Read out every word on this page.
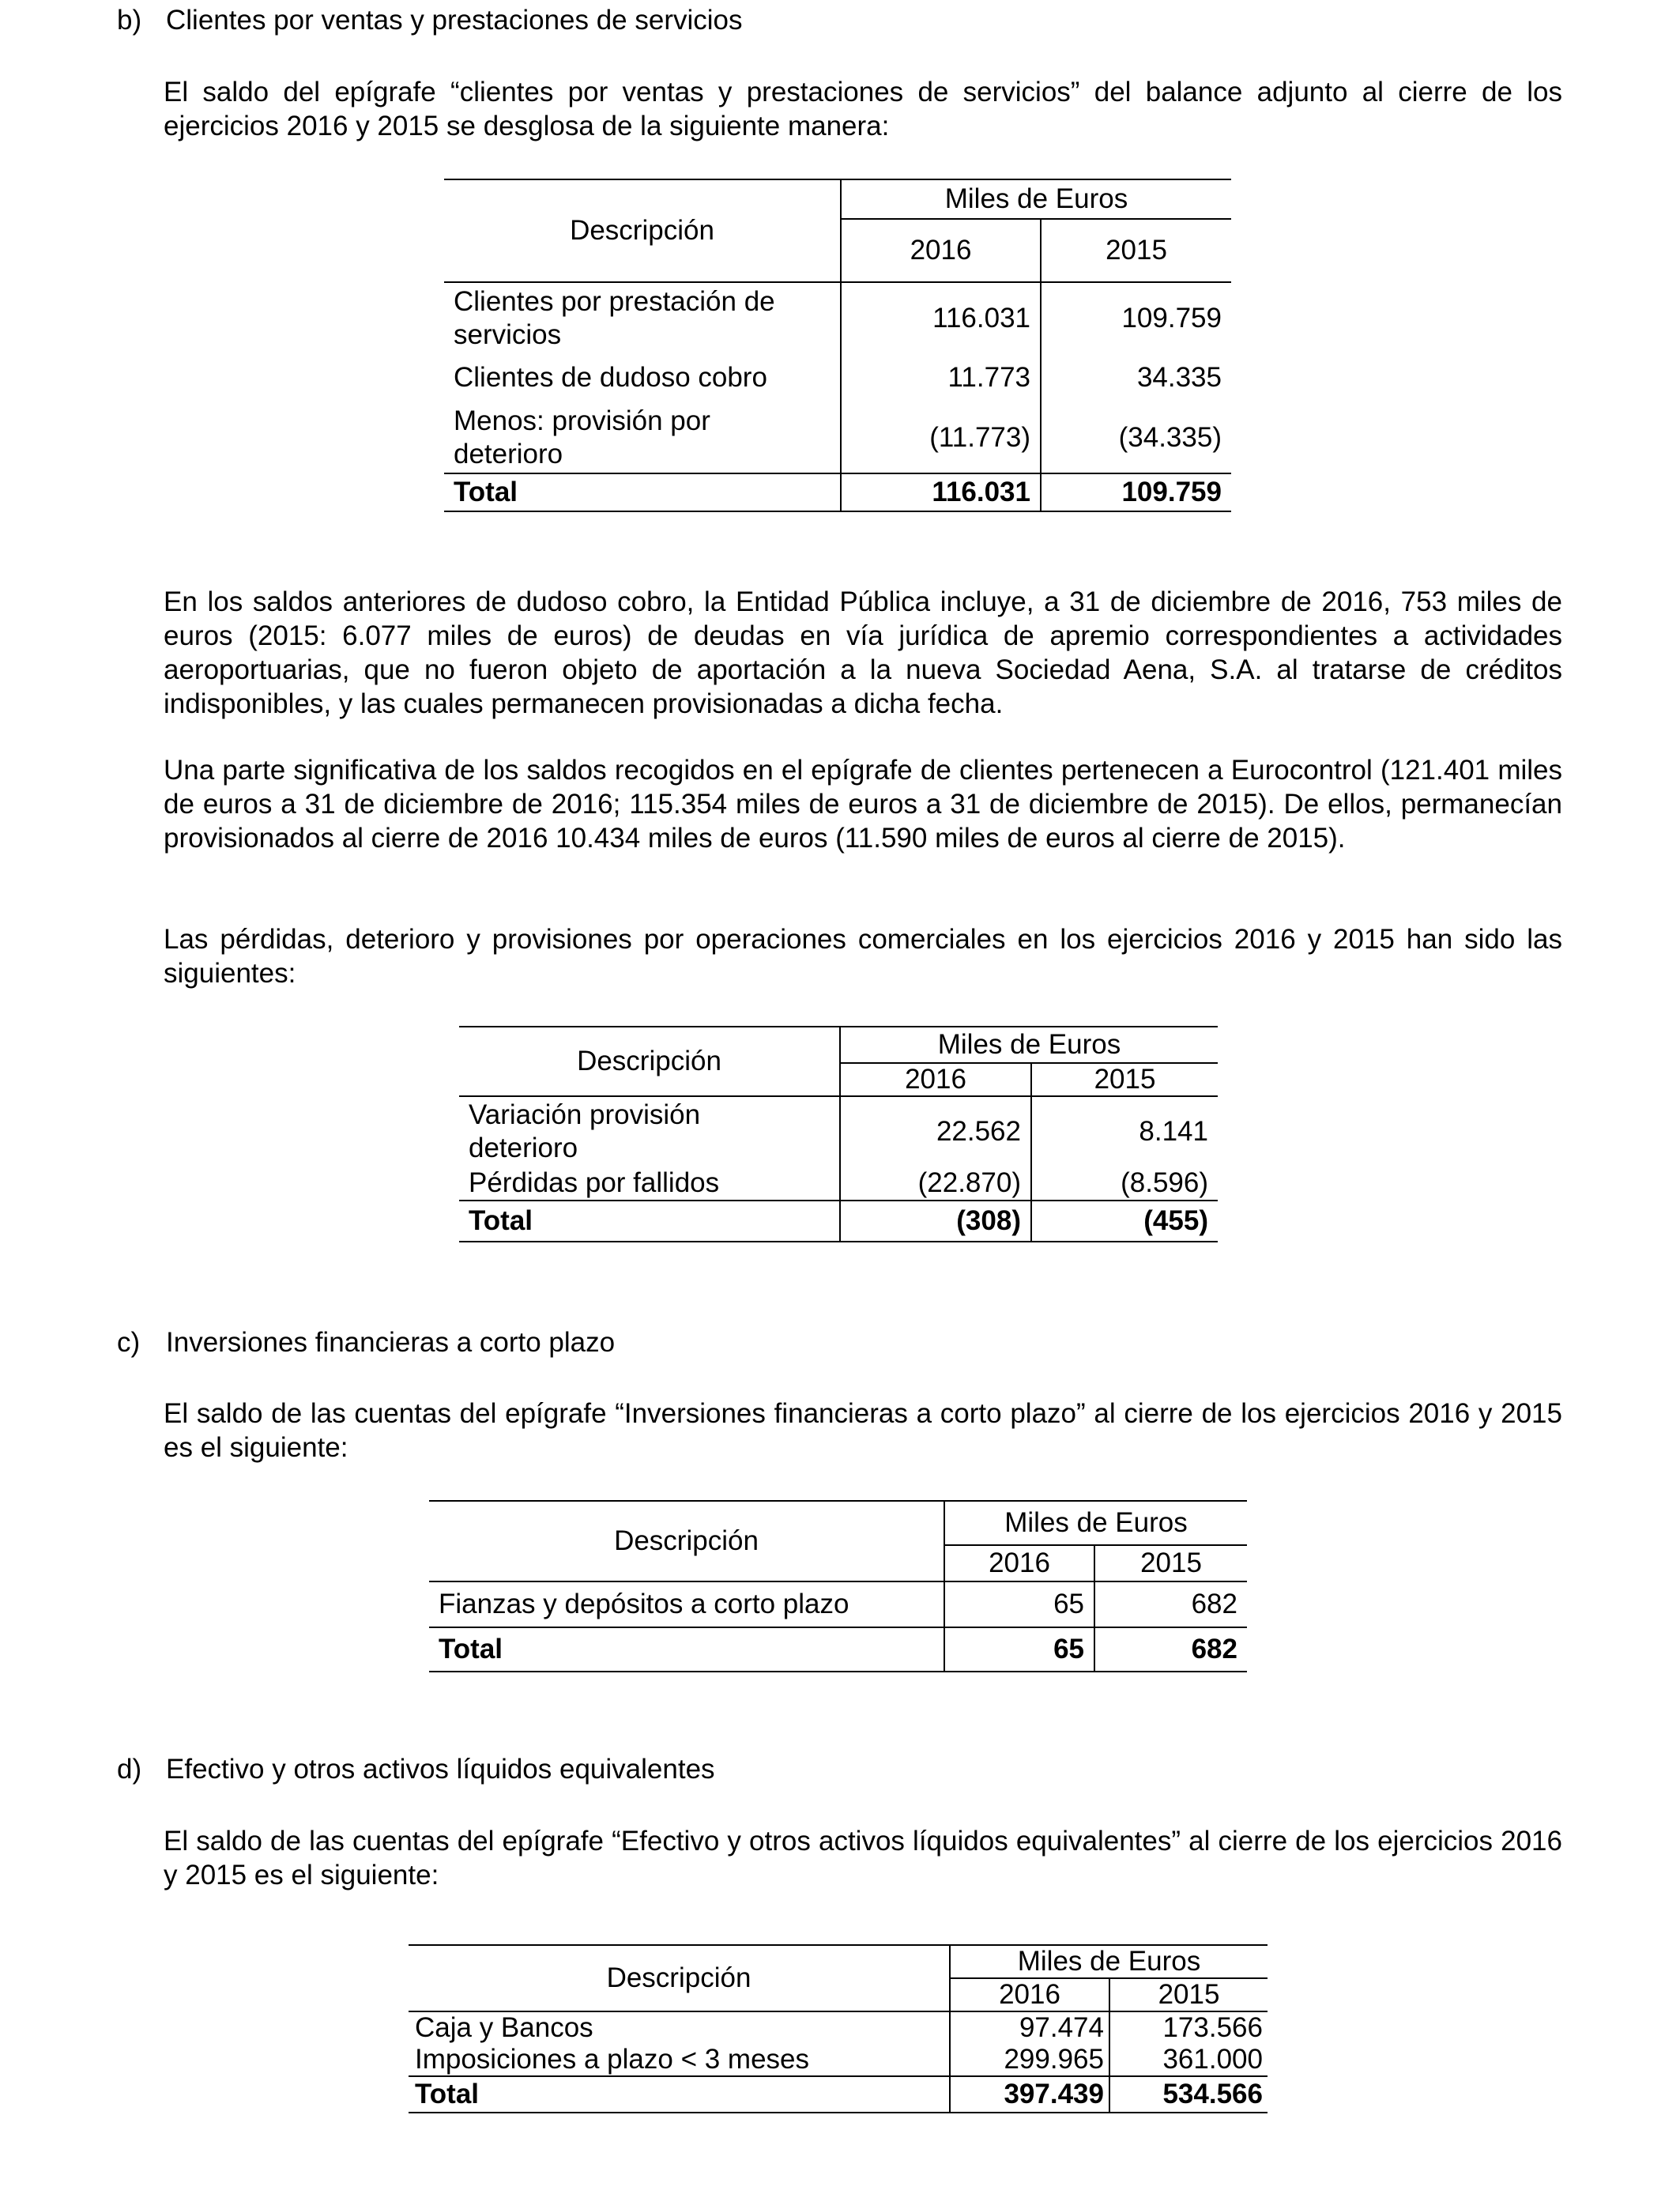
b) Clientes por ventas y prestaciones de servicios
El saldo del epígrafe “clientes por ventas y prestaciones de servicios” del balance adjunto al cierre de los ejercicios 2016 y 2015 se desglosa de la siguiente manera:
Descripción	Miles de Euros	
	2016	2015
Clientes por prestación de servicios	116.031	109.759
Clientes de dudoso cobro	11.773	34.335
Menos: provisión por deterioro	(11.773)	(34.335)
Total	116.031	109.759
En los saldos anteriores de dudoso cobro, la Entidad Pública incluye, a 31 de diciembre de 2016, 753 miles de euros (2015: 6.077 miles de euros) de deudas en vía jurídica de apremio correspondientes a actividades aeroportuarias, que no fueron objeto de aportación a la nueva Sociedad Aena, S.A. al tratarse de créditos indisponibles, y las cuales permanecen provisionadas a dicha fecha.
Una parte significativa de los saldos recogidos en el epígrafe de clientes pertenecen a Eurocontrol (121.401 miles de euros a 31 de diciembre de 2016; 115.354 miles de euros a 31 de diciembre de 2015). De ellos, permanecían provisionados al cierre de 2016 10.434 miles de euros (11.590 miles de euros al cierre de 2015).
Las pérdidas, deterioro y provisiones por operaciones comerciales en los ejercicios 2016 y 2015 han sido las siguientes:
Descripción	Miles de Euros	
	2016	2015
Variación provisión deterioro	22.562	8.141
Pérdidas por fallidos	(22.870)	(8.596)
Total	(308)	(455)
c) Inversiones financieras a corto plazo
El saldo de las cuentas del epígrafe “Inversiones financieras a corto plazo” al cierre de los ejercicios 2016 y 2015 es el siguiente:
Descripción	Miles de Euros	
	2016	2015
Fianzas y depósitos a corto plazo	65	682
Total	65	682
d) Efectivo y otros activos líquidos equivalentes
El saldo de las cuentas del epígrafe “Efectivo y otros activos líquidos equivalentes” al cierre de los ejercicios 2016 y 2015 es el siguiente:
Descripción	Miles de Euros	
	2016	2015
Caja y Bancos	97.474	173.566
Imposiciones a plazo < 3 meses	299.965	361.000
Total	397.439	534.566
